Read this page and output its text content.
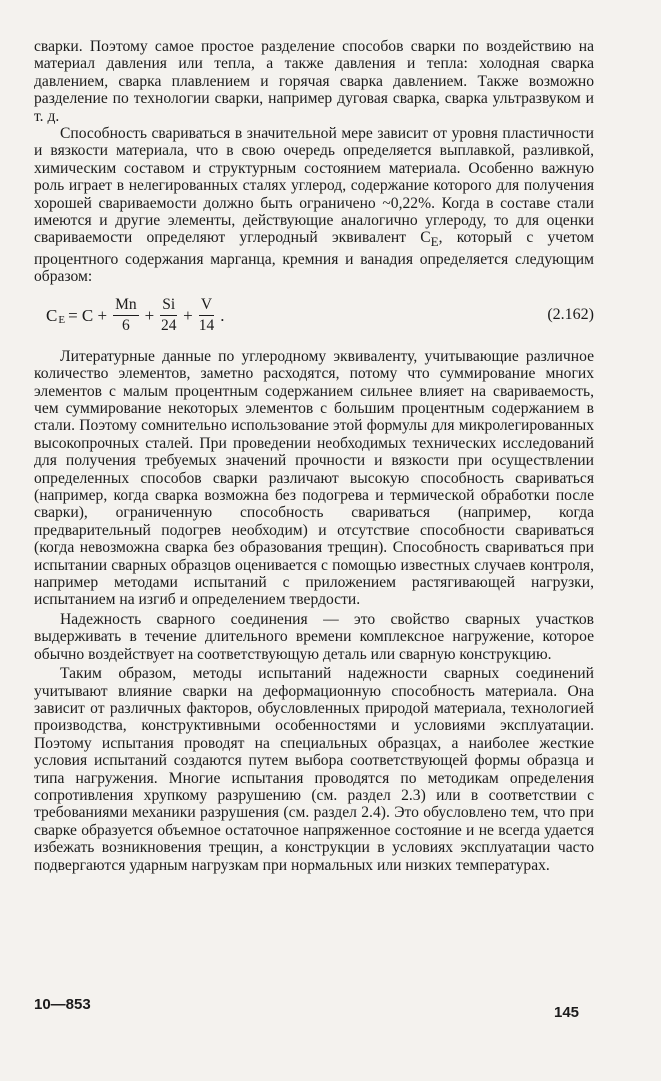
сварки. Поэтому самое простое разделение способов сварки по воздействию на материал давления или тепла, а также давления и тепла: холодная сварка давлением, сварка плавлением и горячая сварка давлением. Также возможно разделение по технологии сварки, например дуговая сварка, сварка ультразвуком и т. д.

Способность свариваться в значительной мере зависит от уровня пластичности и вязкости материала, что в свою очередь определяется выплавкой, разливкой, химическим составом и структурным состоянием материала. Особенно важную роль играет в нелегированных сталях углерод, содержание которого для получения хорошей свариваемости должно быть ограничено ~0,22%. Когда в составе стали имеются и другие элементы, действующие аналогично углероду, то для оценки свариваемости определяют углеродный эквивалент $C_E$, который с учетом процентного содержания марганца, кремния и ванадия определяется следующим образом:

C $E = C + \frac{Mn}{6} + \frac{Si}{24} + \frac{V}{14}$ .	(2.162)

Литературные данные по углеродному эквиваленту, учитывающие различное количество элементов, заметно расходятся, потому что суммирование многих элементов с малым процентным содержанием сильнее влияет на свариваемость, чем суммирование некоторых элементов с большим процентным содержанием в стали. Поэтому сомнительно использование этой формулы для микролегированных высокопрочных сталей. При проведении необходимых технических исследований для получения требуемых значений прочности и вязкости при осуществлении определенных способов сварки различают высокую способность свариваться (например, когда сварка возможна без подогрева и термической обработки после сварки), ограниченную способность свариваться (например, когда предварительный подогрев необходим) и отсутствие способности свариваться (когда невозможна сварка без образования трещин). Способность свариваться при испытании сварных образцов оценивается с помощью известных случаев контроля, например методами испытаний с приложением растягивающей нагрузки, испытанием на изгиб и определением твердости.

Надежность сварного соединения — это свойство сварных участков выдерживать в течение длительного времени комплексное нагружение, которое обычно воздействует на соответствующую деталь или сварную конструкцию.

Таким образом, методы испытаний надежности сварных соединений учитывают влияние сварки на деформационную способность материала. Она зависит от различных факторов, обусловленных природой материала, технологией производства, конструктивными особенностями и условиями эксплуатации. Поэтому испытания проводят на специальных образцах, а наиболее жесткие условия испытаний создаются путем выбора соответствующей формы образца и типа нагружения. Многие испытания проводятся по методикам определения сопротивления хрупкому разрушению (см. раздел 2.3) или в соответствии с требованиями механики разрушения (см. раздел 2.4). Это обусловлено тем, что при сварке образуется объемное остаточное напряженное состояние и не всегда удается избежать возникновения трещин, а конструкции в условиях эксплуатации часто подвергаются ударным нагрузкам при нормальных или низких температурах.

10—853	145
